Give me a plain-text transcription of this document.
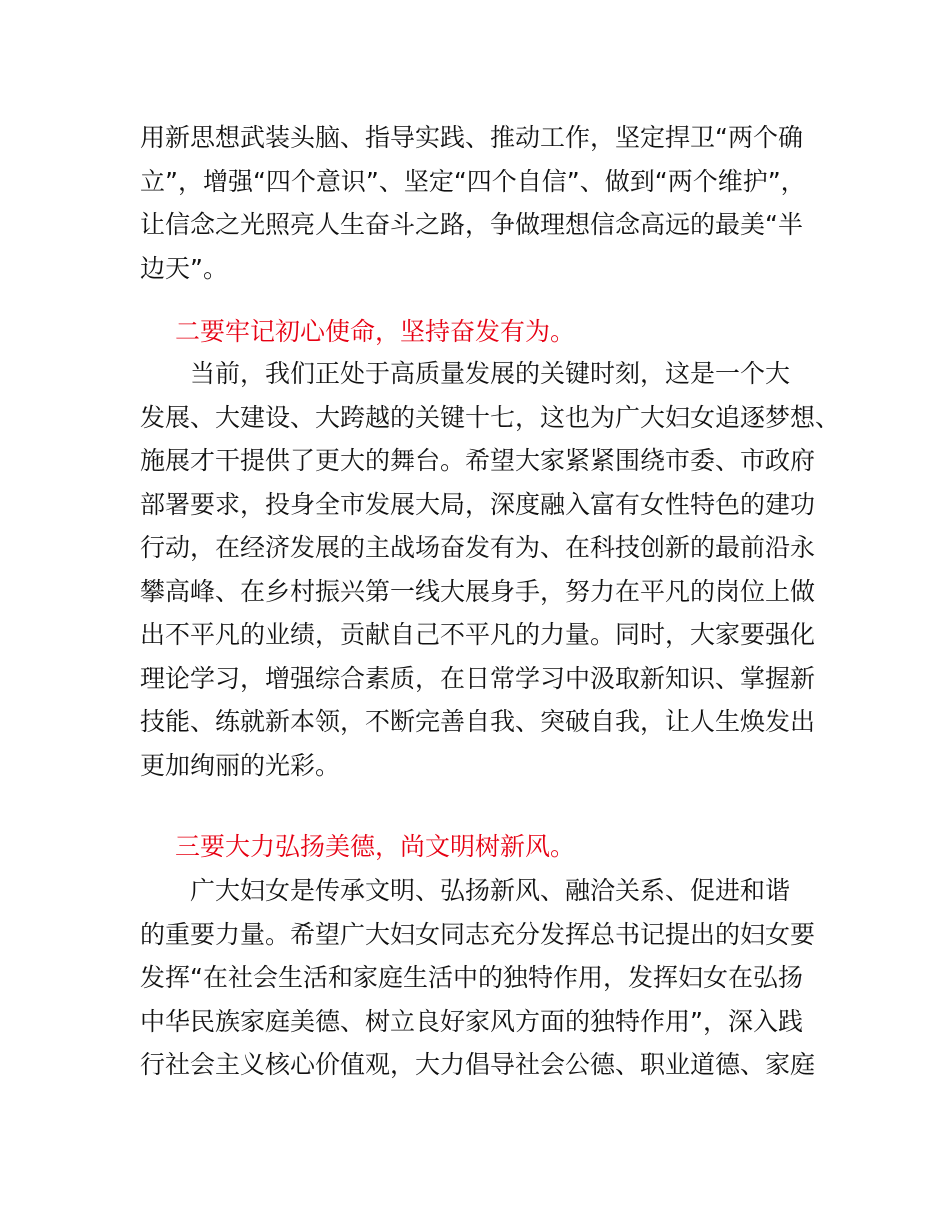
用新思想武装头脑、指导实践、推动工作，坚定捍卫“两个确
立”，增强“四个意识”、坚定“四个自信”、做到“两个维护”，
让信念之光照亮人生奋斗之路，争做理想信念高远的最美“半
边天”。
二要牢记初心使命，坚持奋发有为。
当前，我们正处于高质量发展的关键时刻，这是一个大
发展、大建设、大跨越的关键十七，这也为广大妇女追逐梦想、
施展才干提供了更大的舞台。希望大家紧紧围绕市委、市政府
部署要求，投身全市发展大局，深度融入富有女性特色的建功
行动，在经济发展的主战场奋发有为、在科技创新的最前沿永
攀高峰、在乡村振兴第一线大展身手，努力在平凡的岗位上做
出不平凡的业绩，贡献自己不平凡的力量。同时，大家要强化
理论学习，增强综合素质，在日常学习中汲取新知识、掌握新
技能、练就新本领，不断完善自我、突破自我，让人生焕发出
更加绚丽的光彩。
三要大力弘扬美德，尚文明树新风。
广大妇女是传承文明、弘扬新风、融洽关系、促进和谐
的重要力量。希望广大妇女同志充分发挥总书记提出的妇女要
发挥“在社会生活和家庭生活中的独特作用，发挥妇女在弘扬
中华民族家庭美德、树立良好家风方面的独特作用”，深入践
行社会主义核心价值观，大力倡导社会公德、职业道德、家庭
